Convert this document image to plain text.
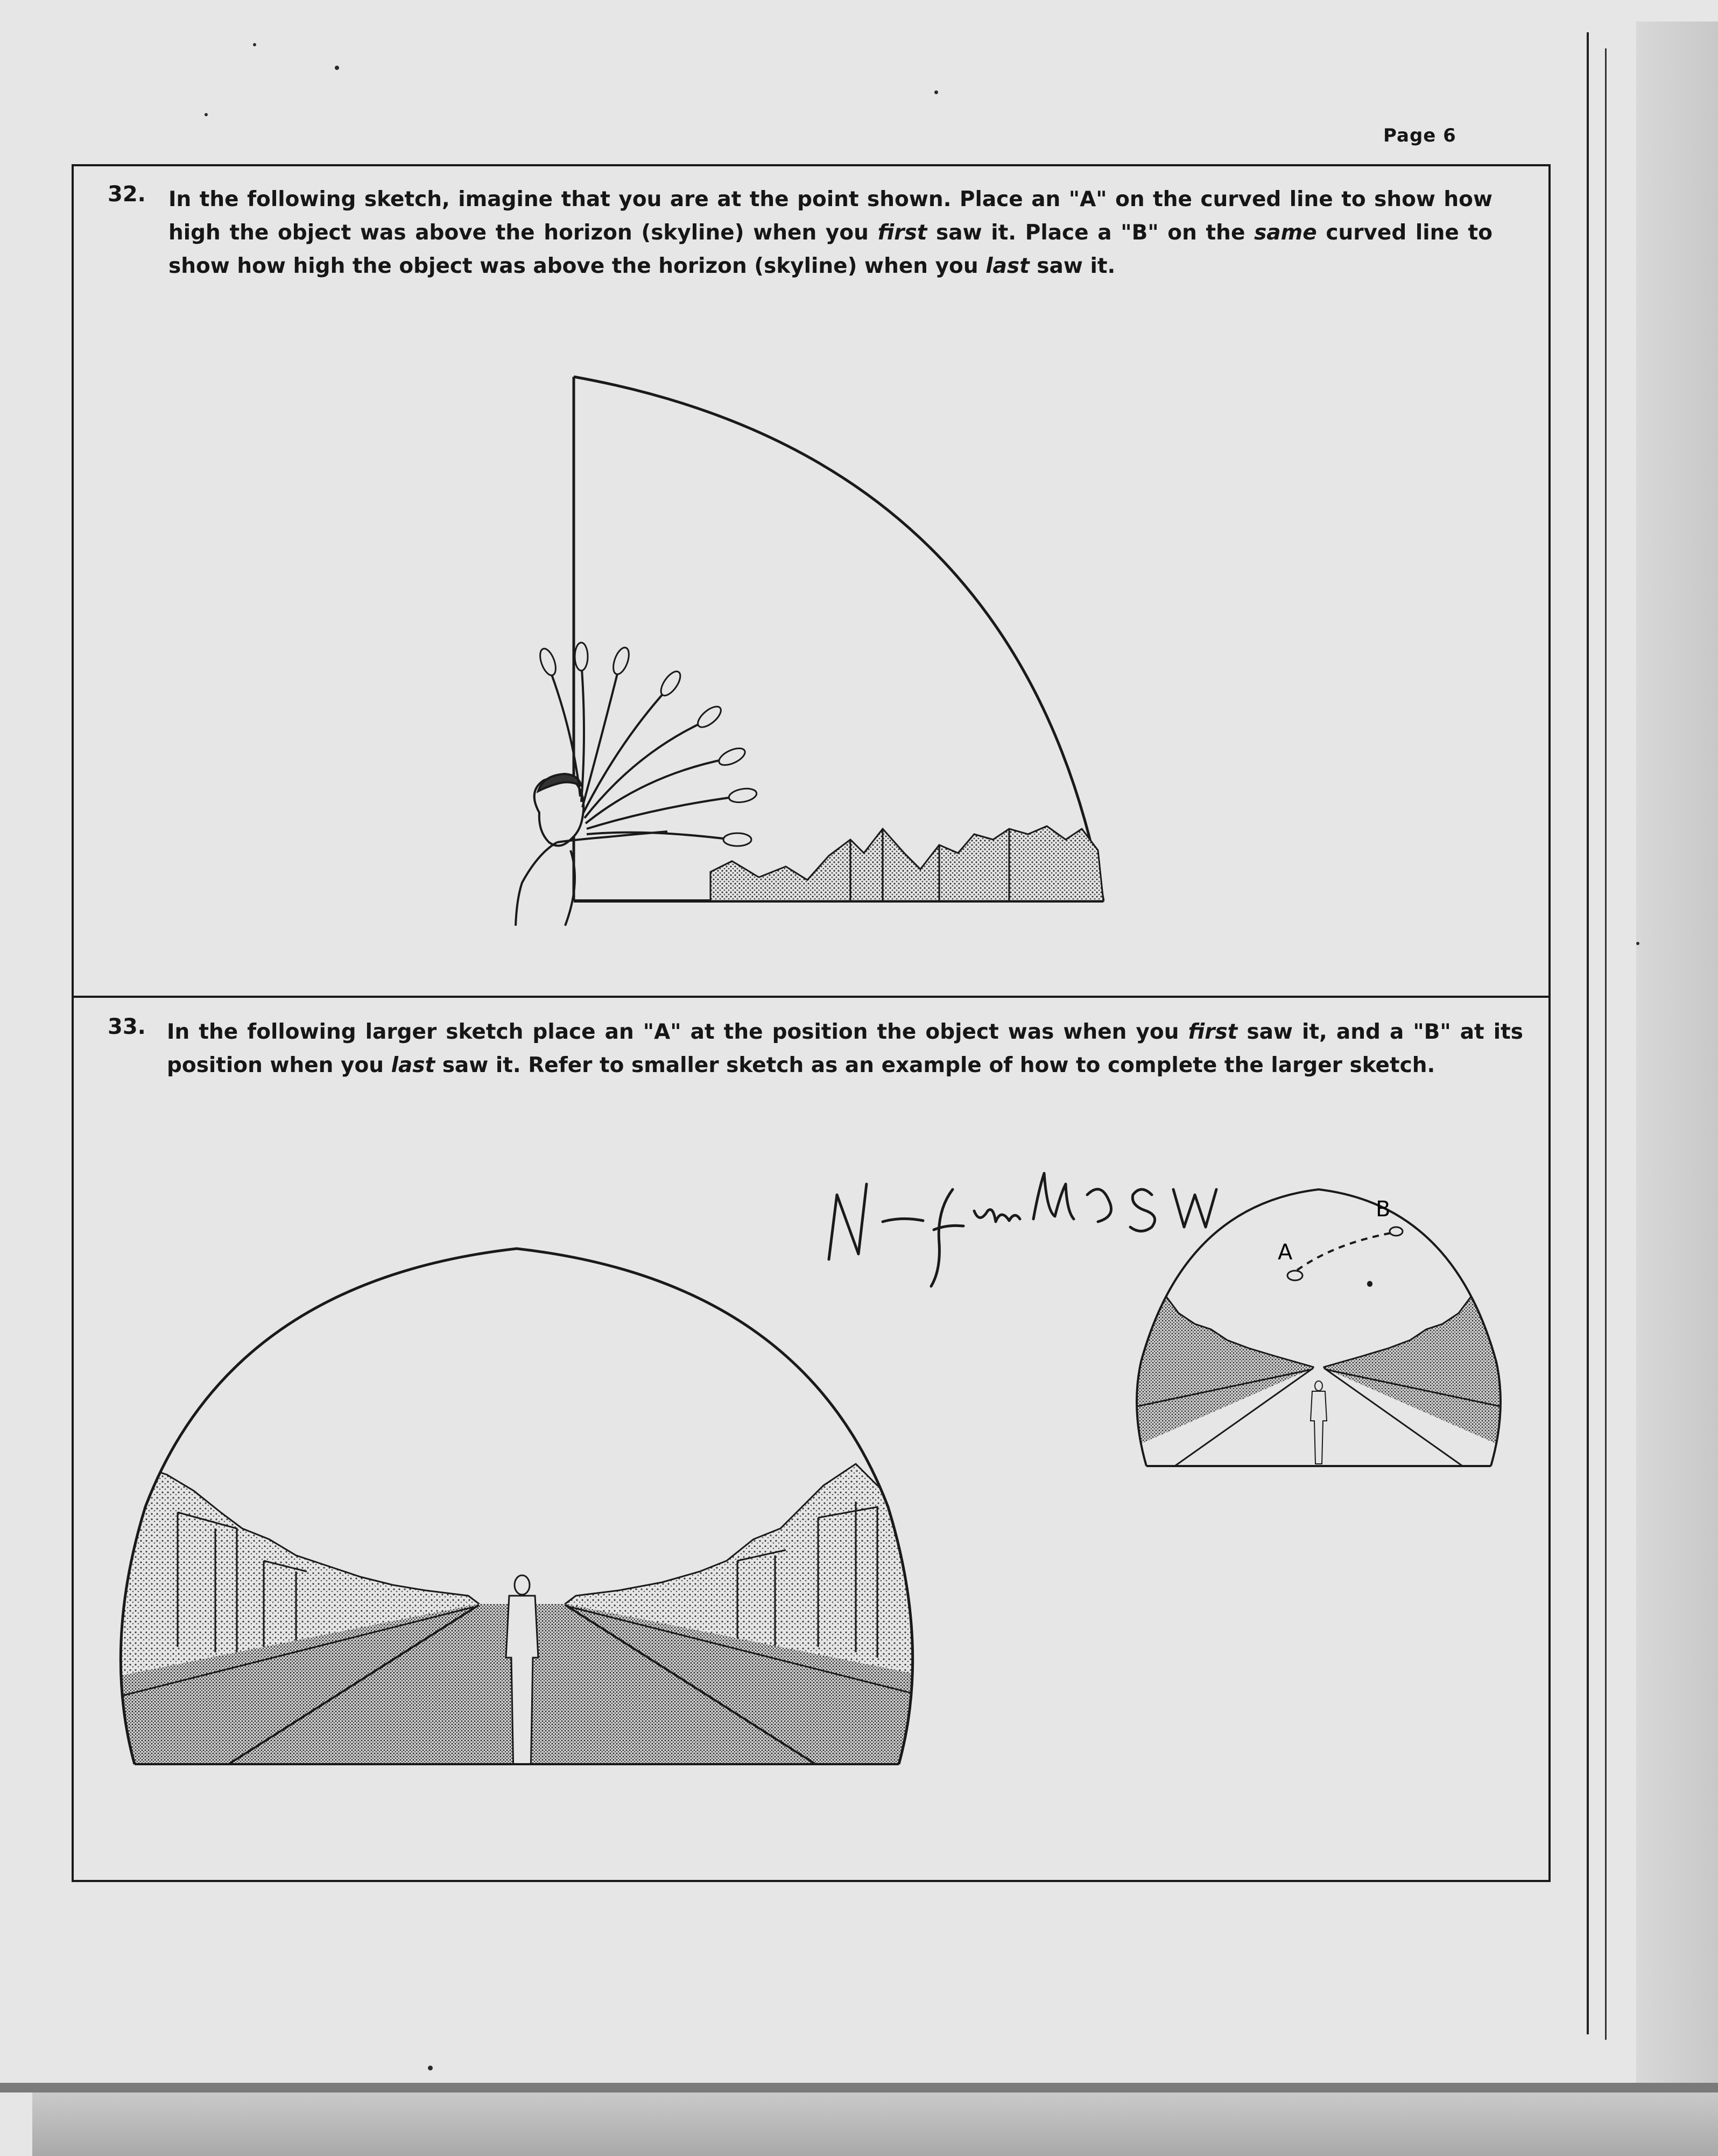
Page 6
32. In the following sketch, imagine that you are at the point shown. Place an "A" on the curved line to show how high the object was above the horizon (skyline) when you first saw it. Place a "B" on the same curved line to show how high the object was above the horizon (skyline) when you last saw it.
33. In the following larger sketch place an "A" at the position the object was when you first saw it, and a "B" at its position when you last saw it. Refer to smaller sketch as an example of how to complete the larger sketch.
A
B
